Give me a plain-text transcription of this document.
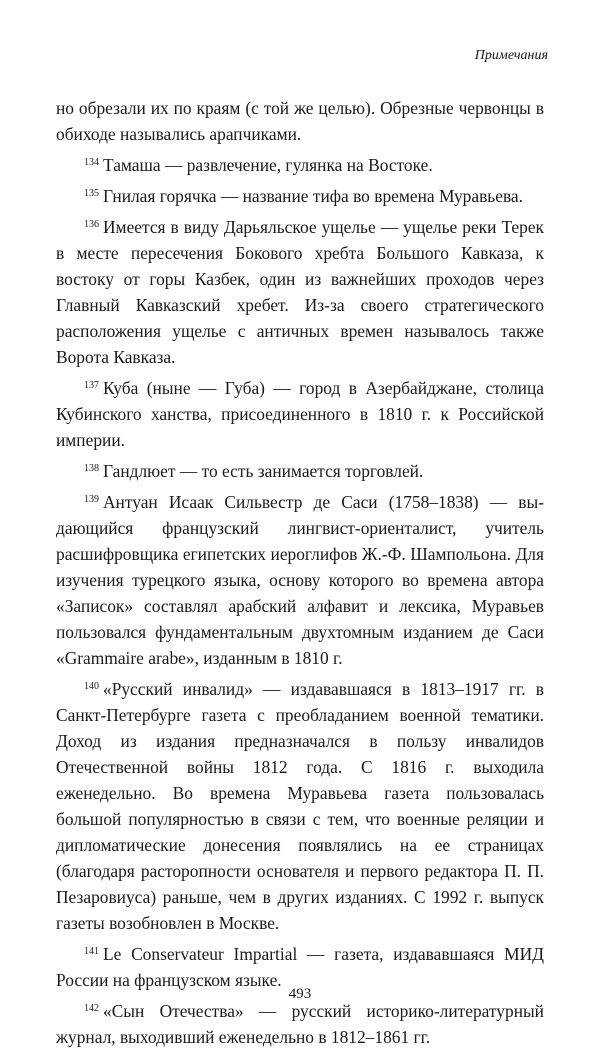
Примечания

но обрезали их по краям (с той же целью). Обрезные червонцы в обиходе назывались арапчиками.

$^{134}$ Тамаша — развлечение, гулянка на Востоке.

$^{135}$ Гнилая горячка — название тифа во времена Муравьева.

$^{136}$ Имеется в виду Дарьяльское ущелье — ущелье реки Терек в месте пересечения Бокового хребта Большого Кавказа, к востоку от горы Казбек, один из важнейших проходов через Главный Кавказский хребет. Из-за своего стратегического расположения ущелье с античных времен называлось также Ворота Кавказа.

$^{137}$ Куба (ныне — Губа) — город в Азербайджане, столица Кубинского ханства, присоединенного в 1810 г. к Российской империи.

$^{138}$ Гандлюет — то есть занимается торговлей.

$^{139}$ Антуан Исаак Сильвестр де Саси (1758–1838) — выдающийся французский лингвист-ориенталист, учитель расшифровщика египетских иероглифов Ж.-Ф. Шампольона. Для изучения турецкого языка, основу которого во времена автора «Записок» составлял арабский алфавит и лексика, Муравьев пользовался фундаментальным двухтомным изданием де Саси «Grammaire arabe», изданным в 1810 г.

$^{140}$ «Русский инвалид» — издававшаяся в 1813–1917 гг. в Санкт-Петербурге газета с преобладанием военной тематики. Доход из издания предназначался в пользу инвалидов Отечественной войны 1812 года. С 1816 г. выходила еженедельно. Во времена Муравьева газета пользовалась большой популярностью в связи с тем, что военные реляции и дипломатические донесения появлялись на ее страницах (благодаря расторопности основателя и первого редактора П. П. Пезаровиуса) раньше, чем в других изданиях. С 1992 г. выпуск газеты возобновлен в Москве.

$^{141}$ Le Conservateur Impartial — газета, издававшаяся МИД России на французском языке.

$^{142}$ «Сын Отечества» — русский историко-литературный журнал, выходивший еженедельно в 1812–1861 гг.

493
